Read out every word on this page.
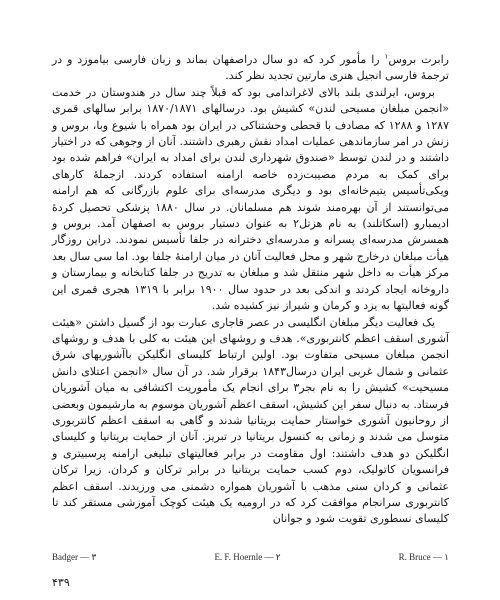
رابرت بروس$^۱$ را مأمور کرد که دو سال دراصفهان بماند و زبان فارسی بیاموزد و در ترجمهٔ فارسی انجیل هنری مارتین تجدید نظر کند.

بروس، ایرلندی بلند بالای لاغراندامی بود که قبلاً چند سال در هندوستان در خدمت «انجمن مبلغان مسیحی لندن» کشیش بود. درسالهای ۱۸۷۰/۱۸۷۱ برابر سالهای قمری ۱۲۸۷ و ۱۲۸۸ که مصادف با قحطی وحشتناکی در ایران بود همراه با شیوع وبا، بروس و زنش در امر سازماندهی عملیات امداد نقش رهبری داشتند. آنان از وجوهی که در اختیار داشتند و در لندن توسط «صندوق شهرداری لندن برای امداد به ایران» فراهم شده بود برای کمک به مردم مصیبت‌زده خاصه ارامنه استفاده کردند. ازجملهٔ کارهای ویکی‌تأسیس یتیم‌خانه‌ای بود و دیگری مدرسه‌ای برای علوم بازرگانی که هم ارامنه می‌توانستند از آن بهره‌مند شوند هم مسلمانان. در سال ۱۸۸۰ پزشکی تحصیل کردهٔ ادیمبارو (اسکاتلند) به نام هزتل۲ به عنوان دستیار بروس به اصفهان آمد. بروس و همسرش مدرسه‌ای پسرانه و مدرسه‌ای دخترانه در جلفا تأسیس نمودند. دراین روزگار هیأت مبلغان درخارج شهر و محل فعالیت آنان در میان ارامنهٔ جلفا بود. اما سی سال بعد مرکز هیأت به داخل شهر منتقل شد و مبلغان به تدریج در جلفا کتابخانه و بیمارستان و داروخانه ایجاد کردند و اندکی بعد در حدود سال ۱۹۰۰ برابر با ۱۳۱۹ هجری قمری این گونه فعالیتها به یزد و کرمان و شیراز نیز کشیده شد.

یک فعالیت دیگر مبلغان انگلیسی در عصر قاجاری عبارت بود از گسیل داشتن «هیئت آشوری اسقف اعظم کانتربوری». هدف و روشهای این هیئت به کلی با هدف و روشهای انجمن مبلغان مسیحی متفاوت بود. اولین ارتباط کلیسای انگلیکن باآشوریهای شرق عثمانی و شمال غربی ایران درسال۱۸۴۳ برقرار شد. در آن سال «انجمن اعتلای دانش مسیحیت» کشیش را به نام بجر۳ برای انجام یک مأموریت اکتشافی به میان آشوریان فرستاد. به دنبال سفر این کشیش، اسقف اعظم آشوریان موسوم به مارشیمون وبعضی از روحانیون آشوری خواستار حمایت بریتانیا شدند و گاهی به اسقف اعظم کانتربوری متوسل می شدند و زمانی به کنسول بریتانیا در تبریز. آنان از حمایت بریتانیا و کلیسای انگلیکن دو هدف داشتند: اول مقاومت در برابر فعالیتهای تبلیغی ارامنه پرسبیتری و فرانسویان کاتولیک، دوم کسب حمایت بریتانیا در برابر ترکان و کردان. زیرا ترکان عثمانی و کردان سنی مذهب با آشوریان همواره دشمنی می ورزیدند. اسقف اعظم کانتربوری سرانجام موافقت کرد که در ارومیه یک هیئت کوچک آموزشی مستقر کند تا کلیسای نسطوری تقویت شود و جوانان

Badger — ۳	E. F. Hoernle — ۲	R. Bruce — ۱
۴۳۹
